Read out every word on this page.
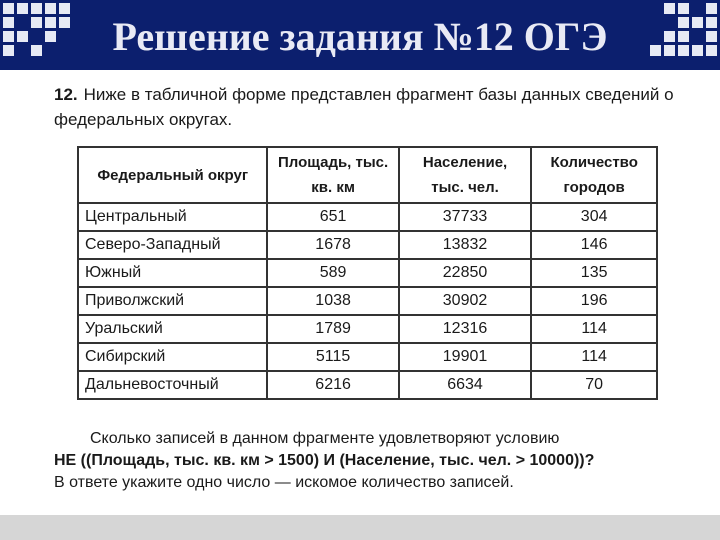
Решение задания №12 ОГЭ
12. Ниже в табличной форме представлен фрагмент базы данных сведений о федеральных округах.
Федеральный округ	Площадь, тыс. кв. км	Население, тыс. чел.	Количество городов
Центральный	651	37733	304
Северо-Западный	1678	13832	146
Южный	589	22850	135
Приволжский	1038	30902	196
Уральский	1789	12316	114
Сибирский	5115	19901	114
Дальневосточный	6216	6634	70
Сколько записей в данном фрагменте удовлетворяют условию
НЕ ((Площадь, тыс. кв. км > 1500) И (Население, тыс. чел. > 10000))?
В ответе укажите одно число — искомое количество записей.
